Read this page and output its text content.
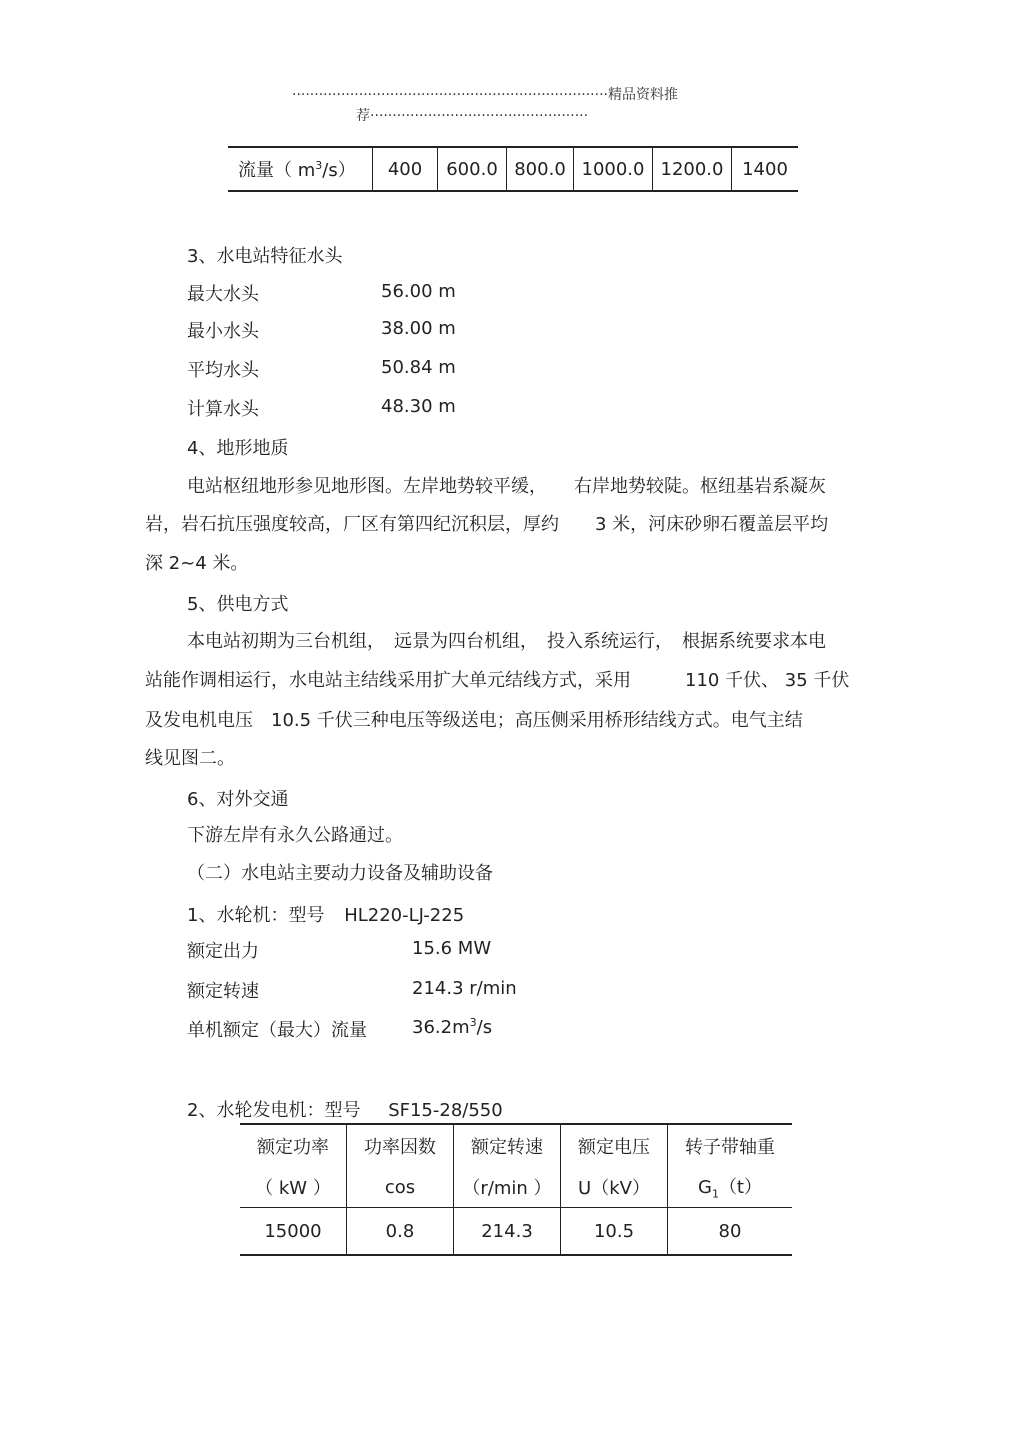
·······································································精品资料推
荐·················································
流量（ $m^3/s$）	400	600.0	800.0	1000.0	1200.0	1400
3、水电站特征水头
最大水头	56.00 m
最小水头	38.00 m
平均水头	50.84 m
计算水头	48.30 m
4、地形地质
电站枢纽地形参见地形图。左岸地势较平缓，　　右岸地势较陡。枢纽基岩系凝灰
岩，岩石抗压强度较高，厂区有第四纪沉积层，厚约　　3 米，河床砂卵石覆盖层平均
深 2~4 米。
5、供电方式
本电站初期为三台机组，　远景为四台机组，　投入系统运行，　根据系统要求本电
站能作调相运行，水电站主结线采用扩大单元结线方式，采用　　　110 千伏、 35 千伏
及发电机电压　10.5 千伏三种电压等级送电；高压侧采用桥形结线方式。电气主结
线见图二。
6、对外交通
下游左岸有永久公路通过。
（二）水电站主要动力设备及辅助设备
1、水轮机：型号 HL220-LJ-225
额定出力	15.6 MW
额定转速	214.3 r/min
单机额定（最大）流量	$36.2m^3/s$
2、水轮发电机：型号 SF15-28/550
额定功率	功率因数	额定转速	额定电压	转子带轴重
（ kW ）	cos	（r/min ）	U（kV）	$G_1(t)$
15000	0.8	214.3	10.5	80
